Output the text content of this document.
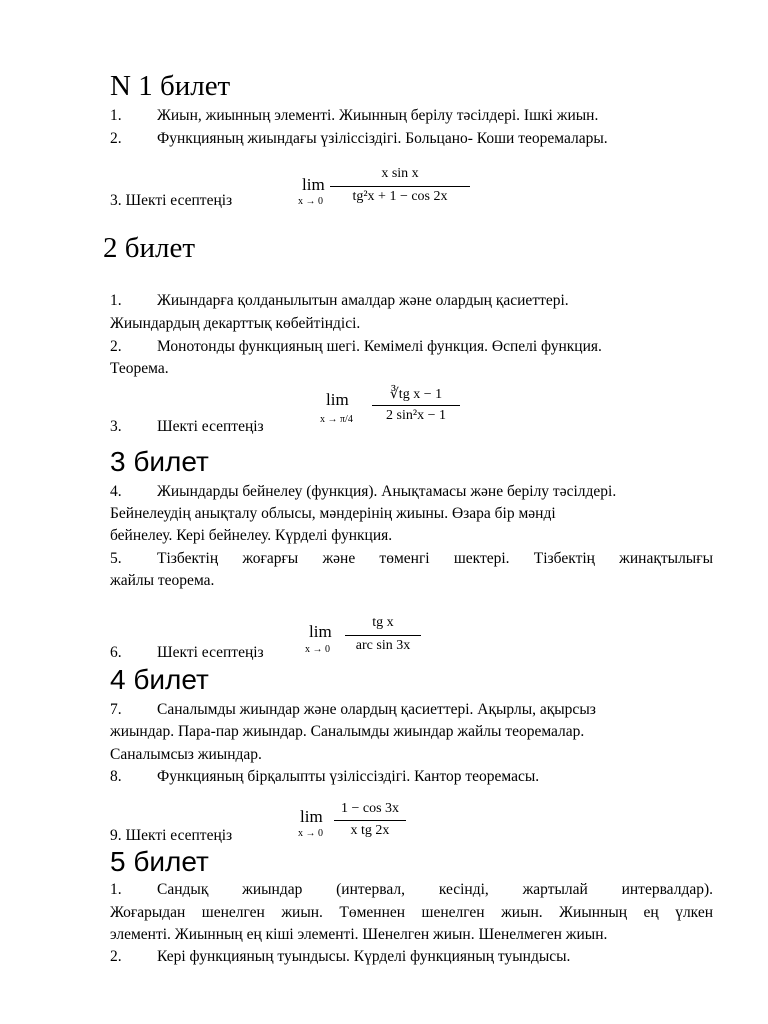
N 1 билет
1. Жиын, жиынның элементі. Жиынның берілу тәсілдері. Ішкі жиын.
2. Функцияның жиындағы үзіліссіздігі. Больцано- Коши теоремалары.
3. Шекті есептеңіз
lim
x → 0
x sin x
tg²x + 1 − cos 2x
2 билет
1. Жиындарға қолданылытын амалдар және олардың қасиеттері.
Жиындардың декарттық көбейтіндісі.
2. Монотонды функцияның шегі. Кемімелі функция. Өспелі функция.
Теорема.
3. Шекті есептеңіз
lim
x → π/4
∛tg x − 1
2 sin²x − 1
3 билет
4. Жиындарды бейнелеу (функция). Анықтамасы және берілу тәсілдері.
Бейнелеудің анықталу облысы, мәндерінің жиыны. Өзара бір мәнді
бейнелеу. Кері бейнелеу. Күрделі функция.
5. Тізбектің жоғарғы және төменгі шектері. Тізбектің жинақтылығы
жайлы теорема.
6. Шекті есептеңіз
lim
x → 0
tg x
arc sin 3x
4 билет
7. Саналымды жиындар және олардың қасиеттері. Ақырлы, ақырсыз
жиындар. Пара-пар жиындар. Саналымды жиындар жайлы теоремалар.
Саналымсыз жиындар.
8. Функцияның бірқалыпты үзіліссіздігі. Кантор теоремасы.
9. Шекті есептеңіз
lim
x → 0
1 − cos 3x
x tg 2x
5 билет
1. Сандық жиындар (интервал, кесінді, жартылай интервалдар).
Жоғарыдан шенелген жиын. Төменнен шенелген жиын. Жиынның ең үлкен
элементі. Жиынның ең кіші элементі. Шенелген жиын. Шенелмеген жиын.
2. Кері функцияның туындысы. Күрделі функцияның туындысы.
